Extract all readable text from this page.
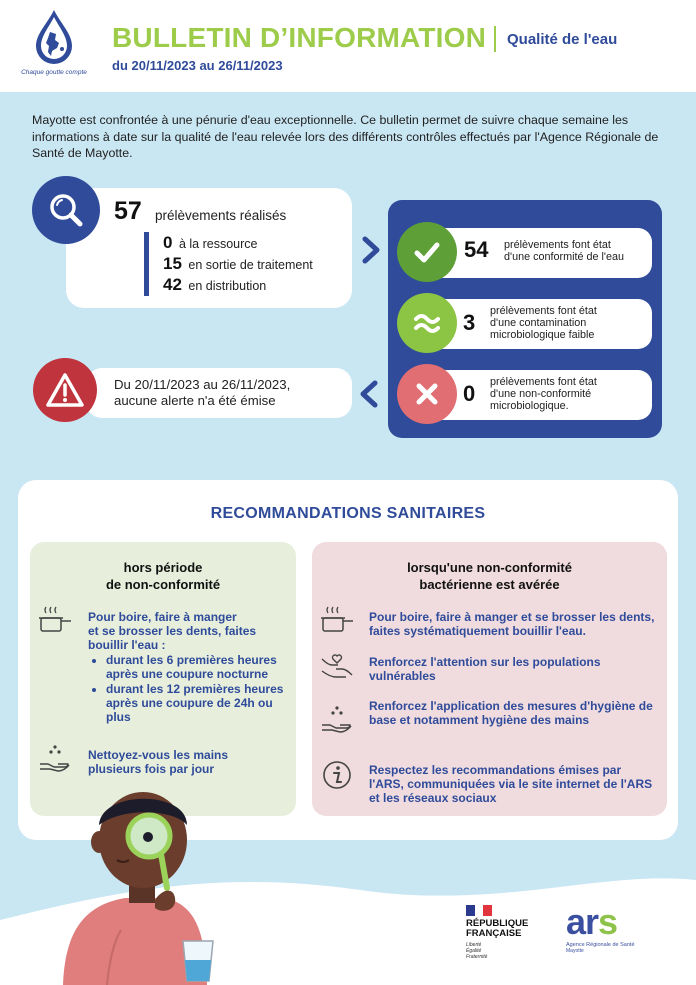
Chaque goutte compte
BULLETIN D’INFORMATION Qualité de l'eau
du 20/11/2023 au 26/11/2023
Mayotte est confrontée à une pénurie d'eau exceptionnelle. Ce bulletin permet de suivre chaque semaine les informations à date sur la qualité de l'eau relevée lors des différents contrôles effectués par l'Agence Régionale de Santé de Mayotte.
57 prélèvements réalisés
0 à la ressource
15 en sortie de traitement
42 en distribution
54 prélèvements font état
d'une conformité de l'eau
3 prélèvements font état
d'une contamination
microbiologique faible
0 prélèvements font état
d'une non-conformité
microbiologique.
Du 20/11/2023 au 26/11/2023,
aucune alerte n'a été émise
RECOMMANDATIONS SANITAIRES
hors période
de non-conformité
Pour boire, faire à manger
et se brosser les dents, faites
bouillir l'eau :
• durant les 6 premières heures après une coupure nocturne
• durant les 12 premières heures après une coupure de 24h ou plus
Nettoyez-vous les mains
plusieurs fois par jour
lorsqu'une non-conformité
bactérienne est avérée
Pour boire, faire à manger et se brosser les dents, faites systématiquement bouillir l'eau.
Renforcez l'attention sur les populations vulnérables
Renforcez l'application des mesures d'hygiène de base et notamment hygiène des mains
Respectez les recommandations émises par l'ARS, communiquées via le site internet de l'ARS et les réseaux sociaux
RÉPUBLIQUE
FRANÇAISE
Liberté
Égalité
Fraternité
ars
Agence Régionale de Santé
Mayotte
